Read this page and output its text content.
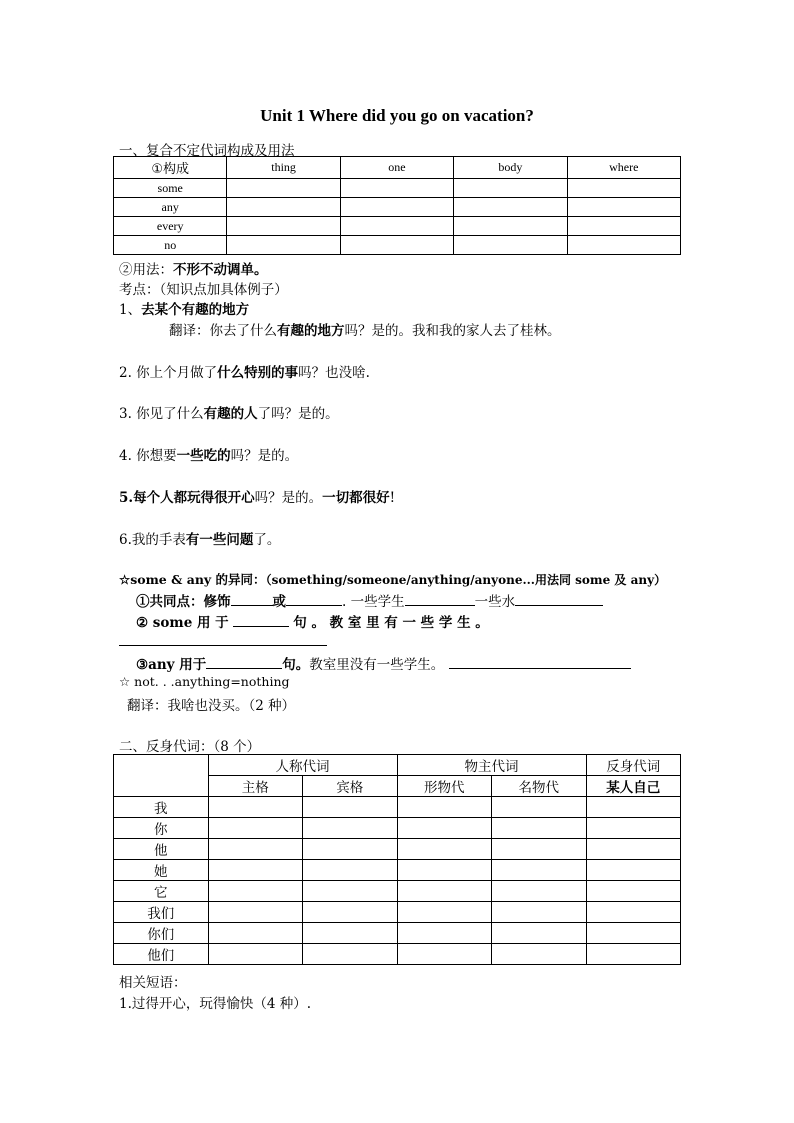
Unit 1 Where did you go on vacation?
一、复合不定代词构成及用法
①构成	thing	one	body	where
some				
any				
every				
no				
②用法：不形不动调单。
考点：（知识点加具体例子）
1、去某个有趣的地方
翻译：你去了什么有趣的地方吗？是的。我和我的家人去了桂林。
2. 你上个月做了什么特别的事吗？也没啥.
3. 你见了什么有趣的人了吗？是的。
4. 你想要一些吃的吗？是的。
5.每个人都玩得很开心吗？是的。一切都很好!
6.我的手表有一些问题了。
☆some & any 的异同：（something/someone/anything/anyone...用法同 some 及 any）
①共同点：修饰	或	. 一些学生	一些水
② some 用 于	句 。 教 室 里 有 一 些 学 生 。
③any 用于	句。教室里没有一些学生。
☆ not. . .anything=nothing
翻译：我啥也没买。（2 种）
二、反身代词：（8 个）
	人称代词		物主代词		反身代词
	主格	宾格	形物代	名物代	某人自己
我					
你					
他					
她					
它					
我们					
你们					
他们					
相关短语：
1.过得开心，玩得愉快（4 种）.
